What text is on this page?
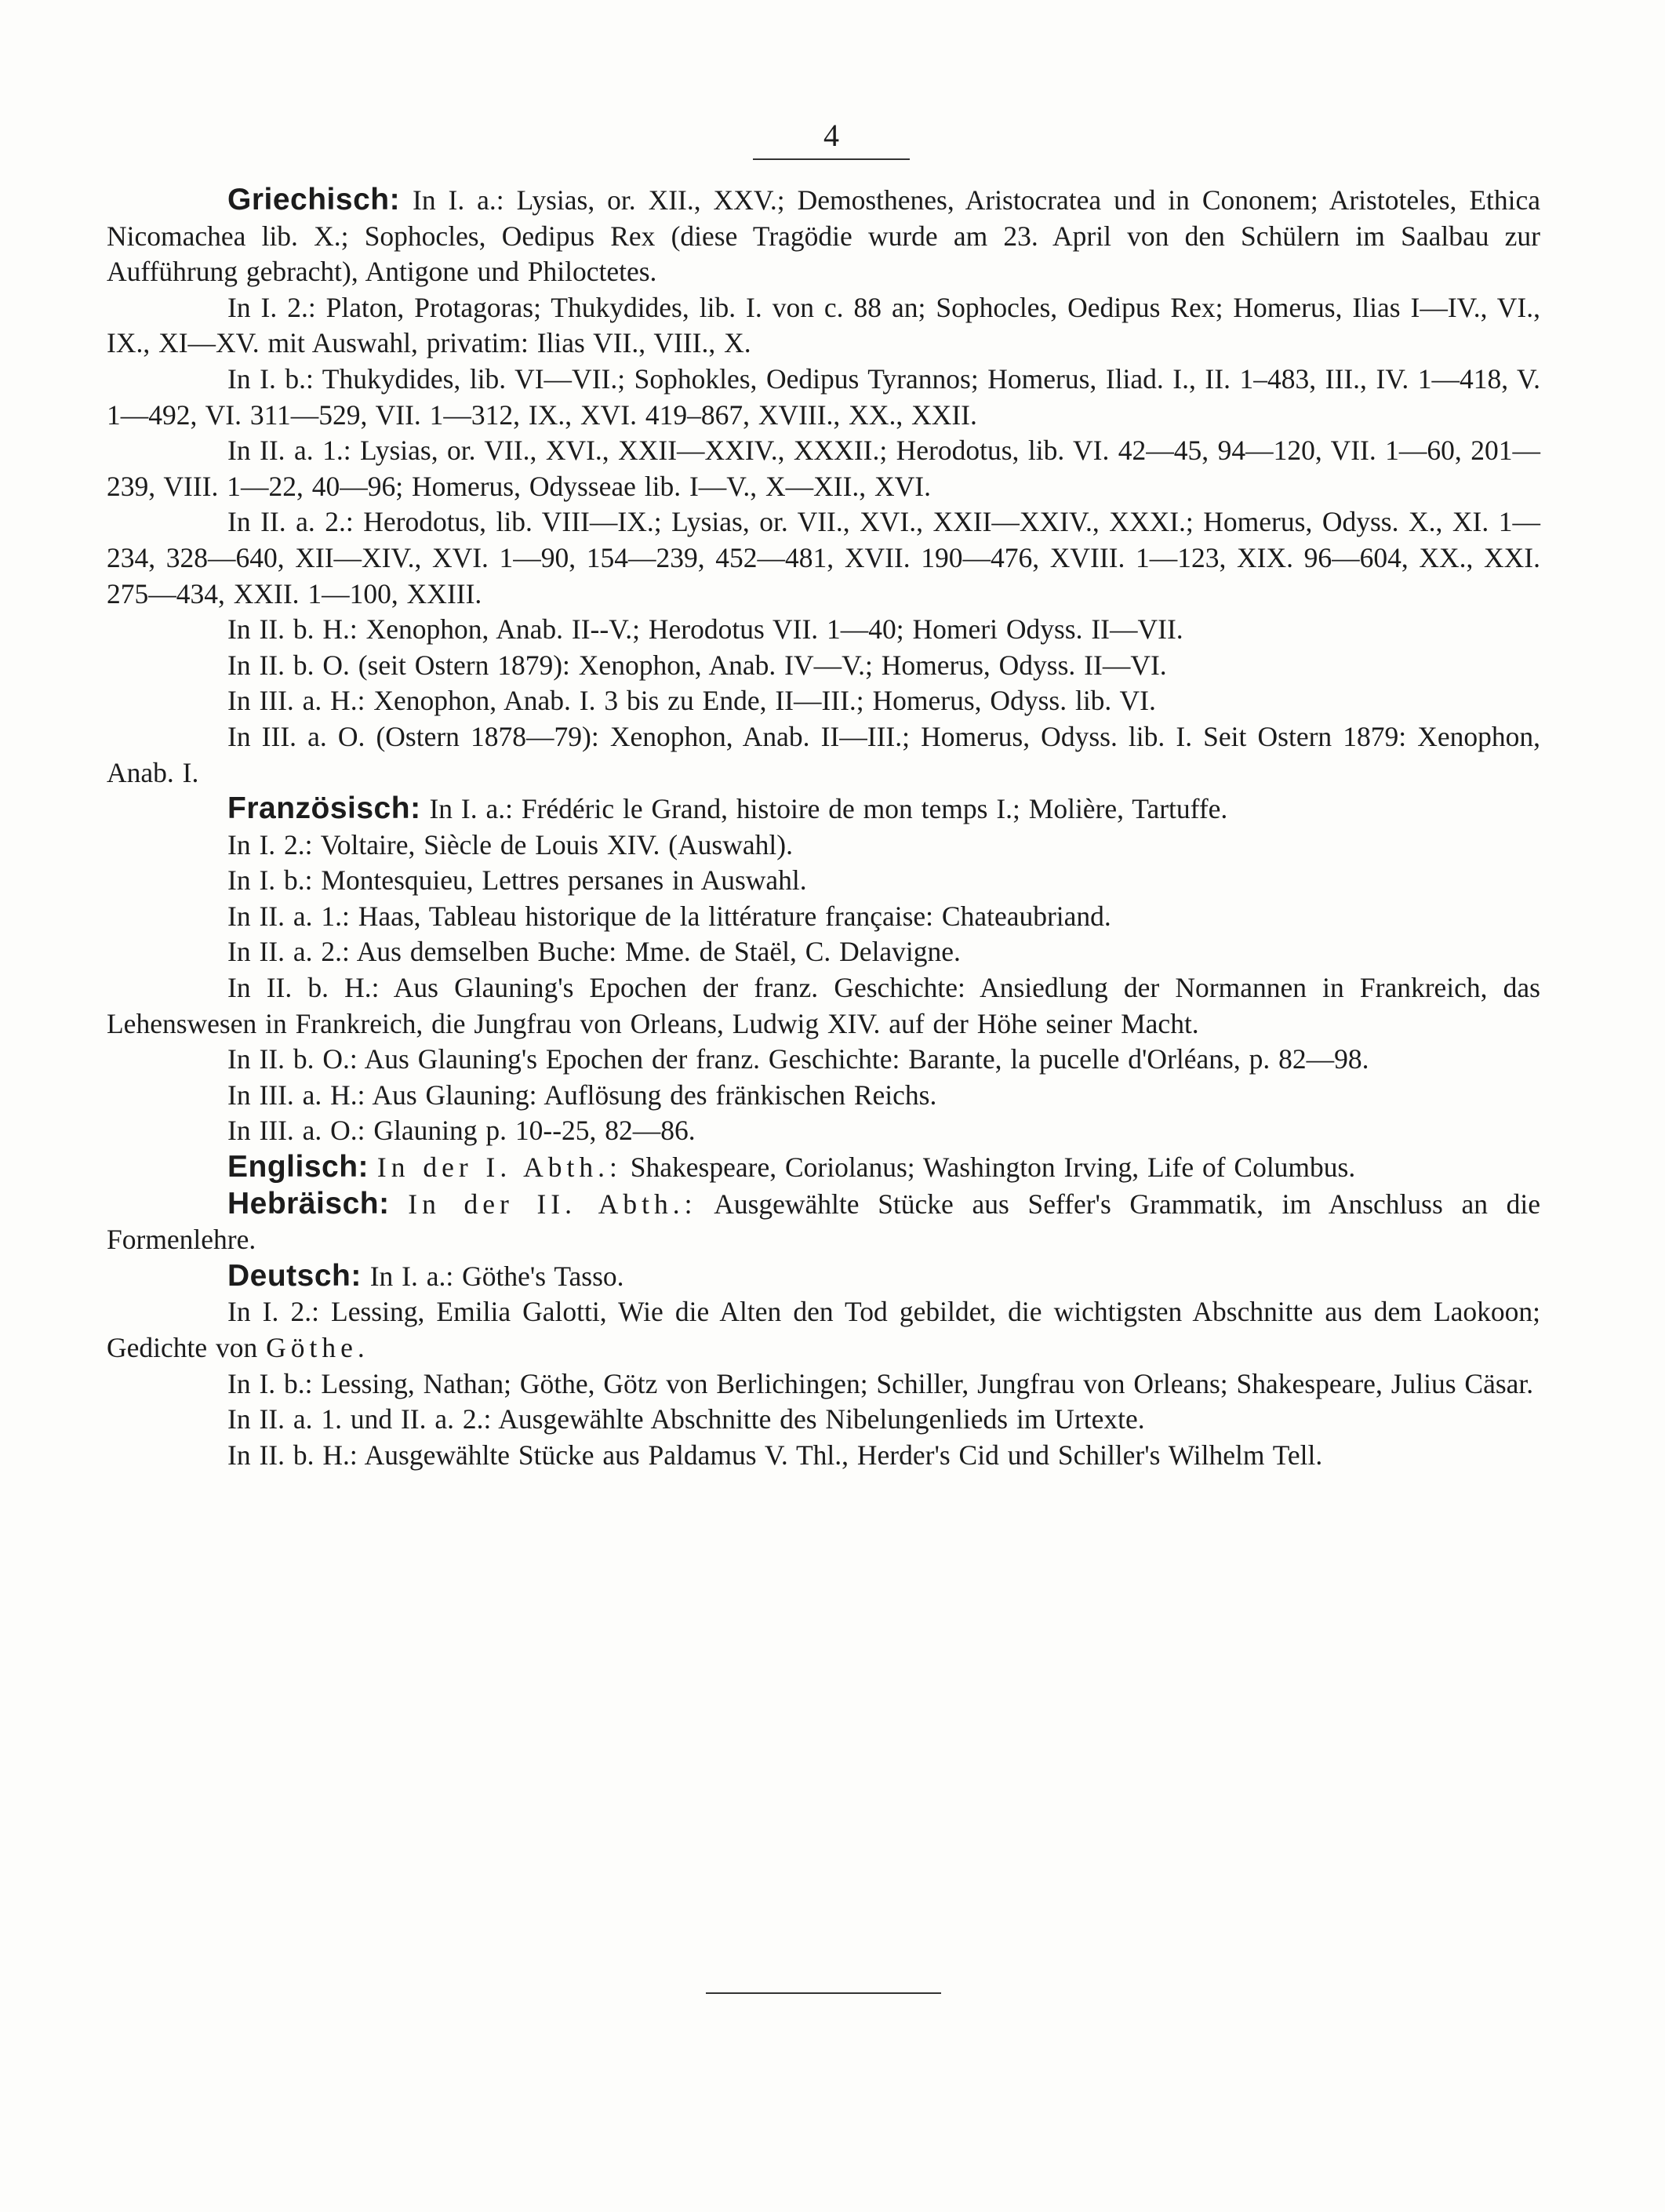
4

Griechisch: In I. a.: Lysias, or. XII., XXV.; Demosthenes, Aristocratea und in Cononem; Aristoteles, Ethica Nicomachea lib. X.; Sophocles, Oedipus Rex (diese Tragödie wurde am 23. April von den Schülern im Saalbau zur Aufführung gebracht), Antigone und Philoctetes.

In I. 2.: Platon, Protagoras; Thukydides, lib. I. von c. 88 an; Sophocles, Oedipus Rex; Homerus, Ilias I—IV., VI., IX., XI—XV. mit Auswahl, privatim: Ilias VII., VIII., X.

In I. b.: Thukydides, lib. VI—VII.; Sophokles, Oedipus Tyrannos; Homerus, Iliad. I., II. 1–483, III., IV. 1—418, V. 1—492, VI. 311—529, VII. 1—312, IX., XVI. 419–867, XVIII., XX., XXII.

In II. a. 1.: Lysias, or. VII., XVI., XXII—XXIV., XXXII.; Herodotus, lib. VI. 42—45, 94—120, VII. 1—60, 201—239, VIII. 1—22, 40—96; Homerus, Odysseae lib. I—V., X—XII., XVI.

In II. a. 2.: Herodotus, lib. VIII—IX.; Lysias, or. VII., XVI., XXII—XXIV., XXXI.; Homerus, Odyss. X., XI. 1—234, 328—640, XII—XIV., XVI. 1—90, 154—239, 452—481, XVII. 190—476, XVIII. 1—123, XIX. 96—604, XX., XXI. 275—434, XXII. 1—100, XXIII.

In II. b. H.: Xenophon, Anab. II--V.; Herodotus VII. 1—40; Homeri Odyss. II—VII.

In II. b. O. (seit Ostern 1879): Xenophon, Anab. IV—V.; Homerus, Odyss. II—VI.

In III. a. H.: Xenophon, Anab. I. 3 bis zu Ende, II—III.; Homerus, Odyss. lib. VI.

In III. a. O. (Ostern 1878—79): Xenophon, Anab. II—III.; Homerus, Odyss. lib. I. Seit Ostern 1879: Xenophon, Anab. I.

Französisch: In I. a.: Frédéric le Grand, histoire de mon temps I.; Molière, Tartuffe.

In I. 2.: Voltaire, Siècle de Louis XIV. (Auswahl).

In I. b.: Montesquieu, Lettres persanes in Auswahl.

In II. a. 1.: Haas, Tableau historique de la littérature française: Chateaubriand.

In II. a. 2.: Aus demselben Buche: Mme. de Staël, C. Delavigne.

In II. b. H.: Aus Glauning's Epochen der franz. Geschichte: Ansiedlung der Normannen in Frankreich, das Lehenswesen in Frankreich, die Jungfrau von Orleans, Ludwig XIV. auf der Höhe seiner Macht.

In II. b. O.: Aus Glauning's Epochen der franz. Geschichte: Barante, la pucelle d'Orléans, p. 82—98.

In III. a. H.: Aus Glauning: Auflösung des fränkischen Reichs.

In III. a. O.: Glauning p. 10--25, 82—86.

Englisch: In der I. Abth.: Shakespeare, Coriolanus; Washington Irving, Life of Columbus.

Hebräisch: In der II. Abth.: Ausgewählte Stücke aus Seffer's Grammatik, im Anschluss an die Formenlehre.

Deutsch: In I. a.: Göthe's Tasso.

In I. 2.: Lessing, Emilia Galotti, Wie die Alten den Tod gebildet, die wichtigsten Abschnitte aus dem Laokoon; Gedichte von Göthe.

In I. b.: Lessing, Nathan; Göthe, Götz von Berlichingen; Schiller, Jungfrau von Orleans; Shakespeare, Julius Cäsar.

In II. a. 1. und II. a. 2.: Ausgewählte Abschnitte des Nibelungenlieds im Urtexte.

In II. b. H.: Ausgewählte Stücke aus Paldamus V. Thl., Herder's Cid und Schiller's Wilhelm Tell.
